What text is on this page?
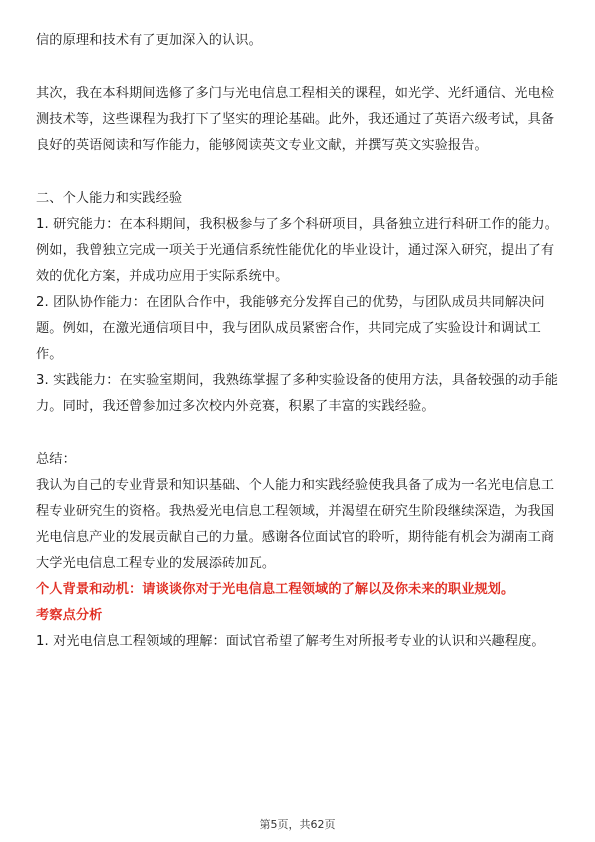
信的原理和技术有了更加深入的认识。

其次，我在本科期间选修了多门与光电信息工程相关的课程，如光学、光纤通信、光电检测技术等，这些课程为我打下了坚实的理论基础。此外，我还通过了英语六级考试，具备良好的英语阅读和写作能力，能够阅读英文专业文献，并撰写英文实验报告。

二、个人能力和实践经验

1. 研究能力：在本科期间，我积极参与了多个科研项目，具备独立进行科研工作的能力。例如，我曾独立完成一项关于光通信系统性能优化的毕业设计，通过深入研究，提出了有效的优化方案，并成功应用于实际系统中。

2. 团队协作能力：在团队合作中，我能够充分发挥自己的优势，与团队成员共同解决问题。例如，在激光通信项目中，我与团队成员紧密合作，共同完成了实验设计和调试工作。

3. 实践能力：在实验室期间，我熟练掌握了多种实验设备的使用方法，具备较强的动手能力。同时，我还曾参加过多次校内外竞赛，积累了丰富的实践经验。

总结：

我认为自己的专业背景和知识基础、个人能力和实践经验使我具备了成为一名光电信息工程专业研究生的资格。我热爱光电信息工程领域，并渴望在研究生阶段继续深造，为我国光电信息产业的发展贡献自己的力量。感谢各位面试官的聆听，期待能有机会为湖南工商大学光电信息工程专业的发展添砖加瓦。

个人背景和动机：请谈谈你对于光电信息工程领域的了解以及你未来的职业规划。

考察点分析

1. 对光电信息工程领域的理解：面试官希望了解考生对所报考专业的认识和兴趣程度。

第5页，共62页
